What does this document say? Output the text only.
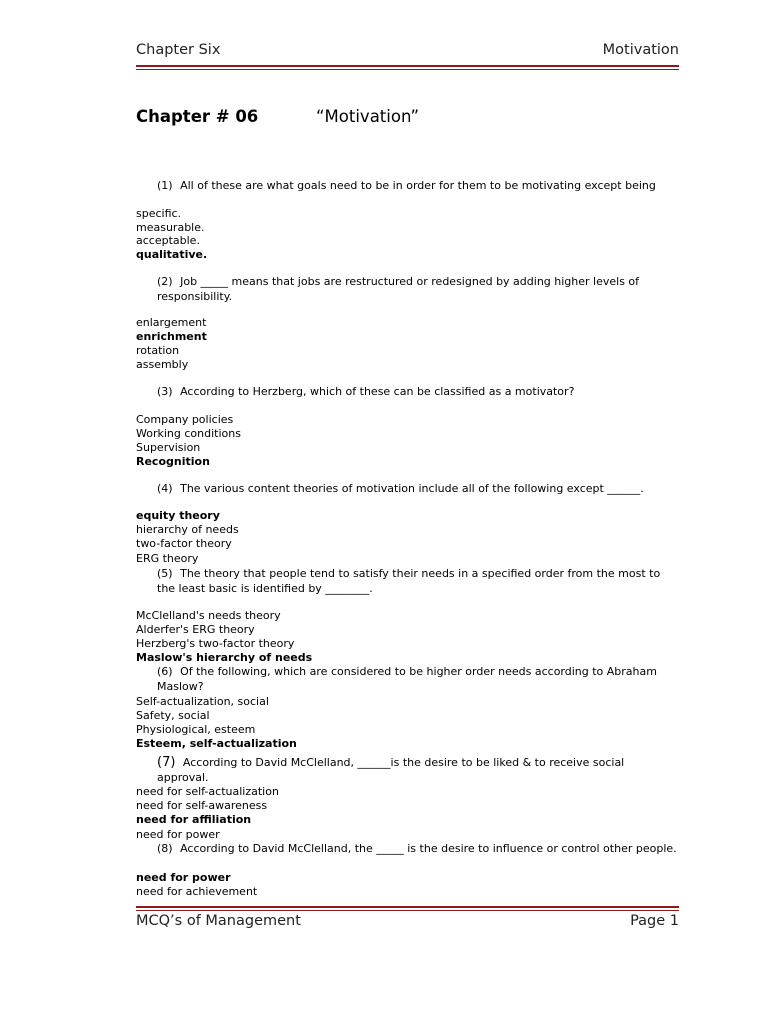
Chapter Six	Motivation
Chapter # 06	“Motivation”
(1) All of these are what goals need to be in order for them to be motivating except being
specific.
measurable.
acceptable.
qualitative.
(2) Job _____ means that jobs are restructured or redesigned by adding higher levels of responsibility.
enlargement
enrichment
rotation
assembly
(3) According to Herzberg, which of these can be classified as a motivator?
Company policies
Working conditions
Supervision
Recognition
(4) The various content theories of motivation include all of the following except ______.
equity theory
hierarchy of needs
two-factor theory
ERG theory
(5) The theory that people tend to satisfy their needs in a specified order from the most to the least basic is identified by ________.
McClelland's needs theory
Alderfer's ERG theory
Herzberg's two-factor theory
Maslow's hierarchy of needs
(6) Of the following, which are considered to be higher order needs according to Abraham Maslow?
Self-actualization, social
Safety, social
Physiological, esteem
Esteem, self-actualization
(7) According to David McClelland, ______is the desire to be liked & to receive social approval.
need for self-actualization
need for self-awareness
need for affiliation
need for power
(8) According to David McClelland, the _____ is the desire to influence or control other people.
need for power
need for achievement
MCQ’s of Management	Page 1
